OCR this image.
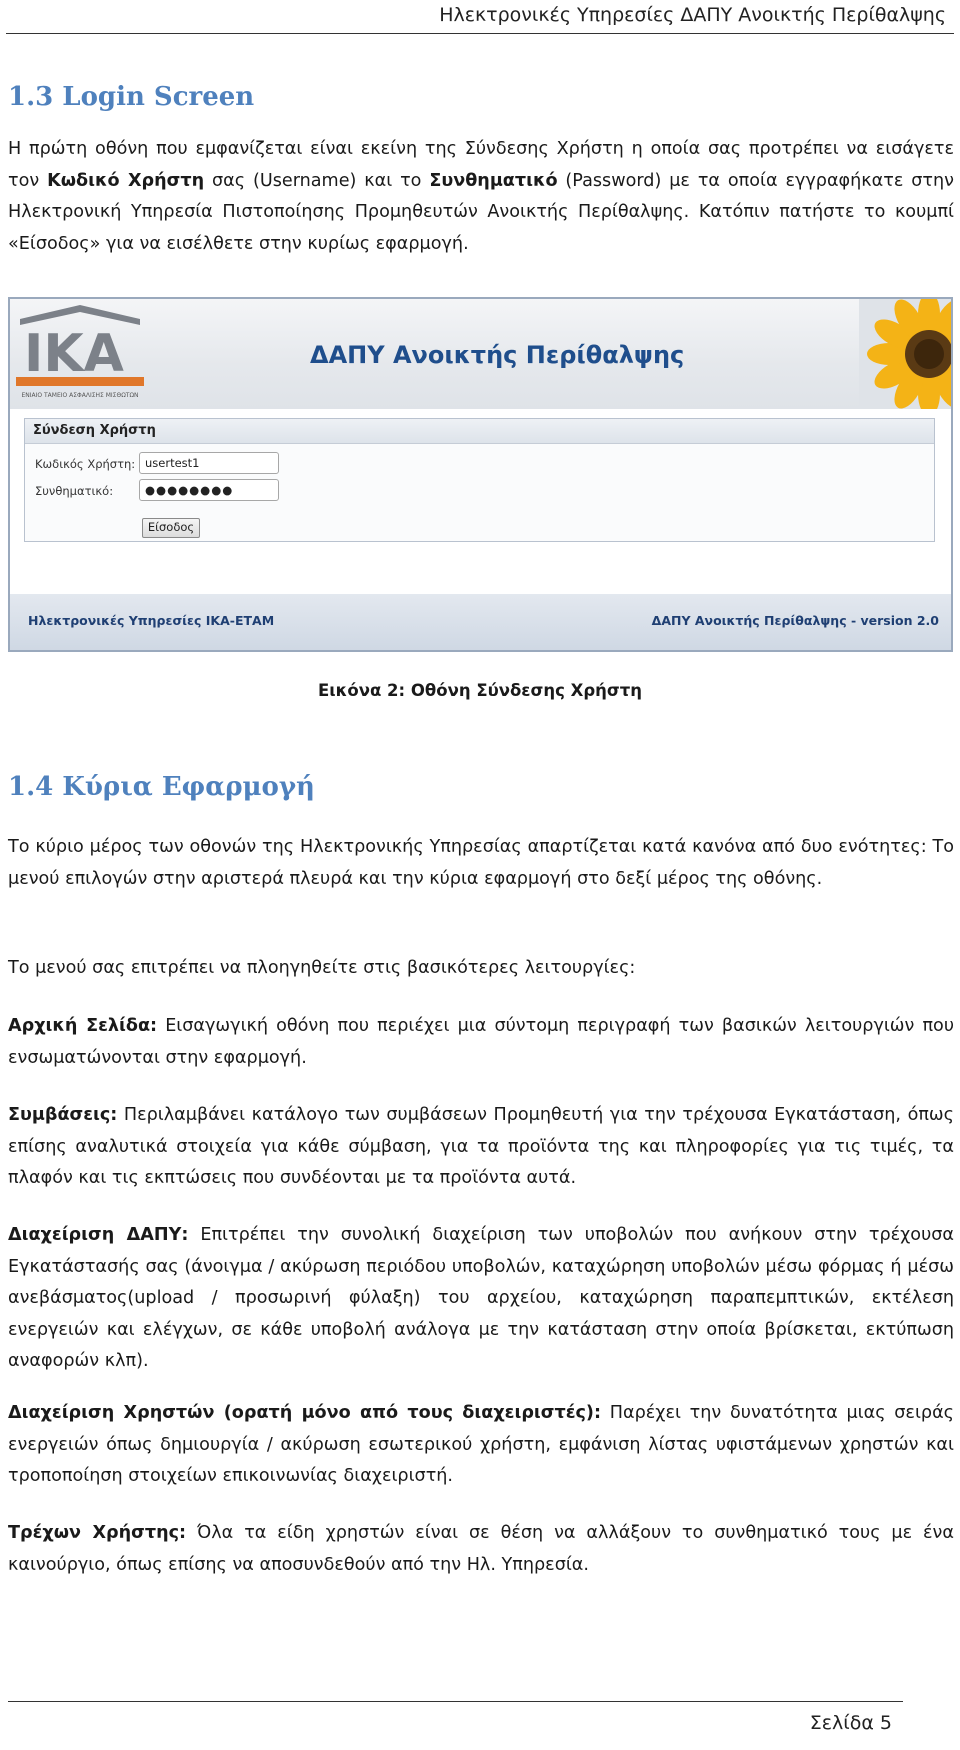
Ηλεκτρονικές Υπηρεσίες ΔΑΠΥ Ανοικτής Περίθαλψης
1.3 Login Screen

Η πρώτη οθόνη που εμφανίζεται είναι εκείνη της Σύνδεσης Χρήστη η οποία σας προτρέπει να εισάγετε τον Κωδικό Χρήστη σας (Username) και το Συνθηματικό (Password) με τα οποία εγγραφήκατε στην Ηλεκτρονική Υπηρεσία Πιστοποίησης Προμηθευτών Ανοικτής Περίθαλψης. Κατόπιν πατήστε το κουμπί «Είσοδος» για να εισέλθετε στην κυρίως εφαρμογή.

IKA
ΕΝΙΑΙΟ ΤΑΜΕΙΟ ΑΣΦΑΛΙΣΗΣ ΜΙΣΘΩΤΩΝ
ΔΑΠΥ Ανοικτής Περίθαλψης
Σύνδεση Χρήστη
Κωδικός Χρήστη: usertest1
Συνθηματικό:	●●●●●●●●
Είσοδος
Ηλεκτρονικές Υπηρεσίες ΙΚΑ-ΕΤΑΜ	ΔΑΠΥ Ανοικτής Περίθαλψης - version 2.0
Εικόνα 2: Οθόνη Σύνδεσης Χρήστη
1.4 Κύρια Εφαρμογή

Το κύριο μέρος των οθονών της Ηλεκτρονικής Υπηρεσίας απαρτίζεται κατά κανόνα από δυο ενότητες: Το μενού επιλογών στην αριστερά πλευρά και την κύρια εφαρμογή στο δεξί μέρος της οθόνης.

Το μενού σας επιτρέπει να πλοηγηθείτε στις βασικότερες λειτουργίες:

Αρχική Σελίδα: Εισαγωγική οθόνη που περιέχει μια σύντομη περιγραφή των βασικών λειτουργιών που ενσωματώνονται στην εφαρμογή.

Συμβάσεις: Περιλαμβάνει κατάλογο των συμβάσεων Προμηθευτή για την τρέχουσα Εγκατάσταση, όπως επίσης αναλυτικά στοιχεία για κάθε σύμβαση, για τα προϊόντα της και πληροφορίες για τις τιμές, τα πλαφόν και τις εκπτώσεις που συνδέονται με τα προϊόντα αυτά.

Διαχείριση ΔΑΠΥ: Επιτρέπει την συνολική διαχείριση των υποβολών που ανήκουν στην τρέχουσα Εγκατάστασής σας (άνοιγμα / ακύρωση περιόδου υποβολών, καταχώρηση υποβολών μέσω φόρμας ή μέσω ανεβάσματος(upload / προσωρινή φύλαξη) του αρχείου, καταχώρηση παραπεμπτικών, εκτέλεση ενεργειών και ελέγχων, σε κάθε υποβολή ανάλογα με την κατάσταση στην οποία βρίσκεται, εκτύπωση αναφορών κλπ).

Διαχείριση Χρηστών (ορατή μόνο από τους διαχειριστές): Παρέχει την δυνατότητα μιας σειράς ενεργειών όπως δημιουργία / ακύρωση εσωτερικού χρήστη, εμφάνιση λίστας υφιστάμενων χρηστών και τροποποίηση στοιχείων επικοινωνίας διαχειριστή.

Τρέχων Χρήστης: Όλα τα είδη χρηστών είναι σε θέση να αλλάξουν το συνθηματικό τους με ένα καινούργιο, όπως επίσης να αποσυνδεθούν από την Ηλ. Υπηρεσία.

Σελίδα 5
